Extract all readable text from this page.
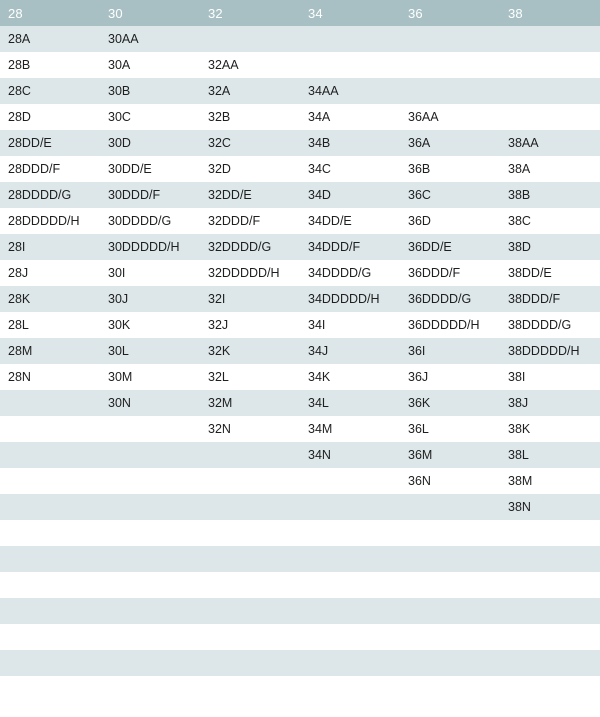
28	30	32	34	36	38
28A	30AA				
28B	30A	32AA			
28C	30B	32A	34AA		
28D	30C	32B	34A	36AA	
28DD/E	30D	32C	34B	36A	38AA
28DDD/F	30DD/E	32D	34C	36B	38A
28DDDD/G	30DDD/F	32DD/E	34D	36C	38B
28DDDDD/H	30DDDD/G	32DDD/F	34DD/E	36D	38C
28I	30DDDDD/H	32DDDD/G	34DDD/F	36DD/E	38D
28J	30I	32DDDDD/H	34DDDD/G	36DDD/F	38DD/E
28K	30J	32I	34DDDDD/H	36DDDD/G	38DDD/F
28L	30K	32J	34I	36DDDDD/H	38DDDD/G
28M	30L	32K	34J	36I	38DDDDD/H
28N	30M	32L	34K	36J	38I
	30N	32M	34L	36K	38J
		32N	34M	36L	38K
			34N	36M	38L
				36N	38M
					38N
